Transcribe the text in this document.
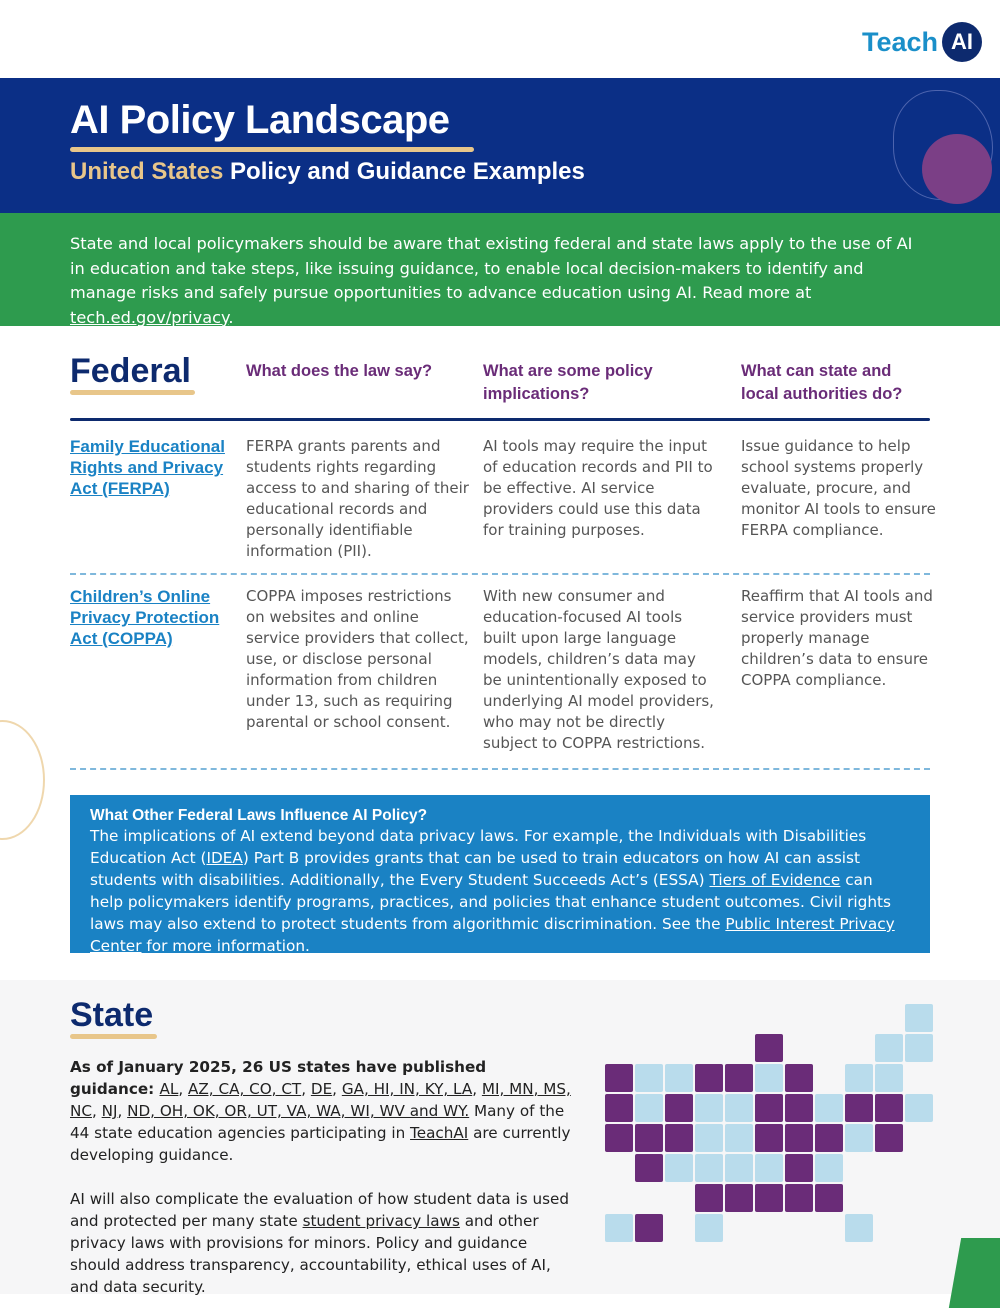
Teach AI
AI Policy Landscape
United States Policy and Guidance Examples
State and local policymakers should be aware that existing federal and state laws apply to the use of AI in education and take steps, like issuing guidance, to enable local decision-makers to identify and manage risks and safely pursue opportunities to advance education using AI. Read more at tech.ed.gov/privacy.
Federal	What does the law say?	What are some policy implications?
What can state and local authorities do?
Family Educational Rights and Privacy Act (FERPA)
FERPA grants parents and students rights regarding access to and sharing of their educational records and personally identifiable information (PII).
AI tools may require the input of education records and PII to be effective. AI service providers could use this data for training purposes.
Issue guidance to help school systems properly evaluate, procure, and monitor AI tools to ensure FERPA compliance.
Children’s Online Privacy Protection Act (COPPA)
COPPA imposes restrictions on websites and online service providers that collect, use, or disclose personal information from children under 13, such as requiring parental or school consent.
With new consumer and education-focused AI tools built upon large language models, children’s data may be unintentionally exposed to underlying AI model providers, who may not be directly subject to COPPA restrictions.
Reaffirm that AI tools and service providers must properly manage children’s data to ensure COPPA compliance.
What Other Federal Laws Influence AI Policy?
The implications of AI extend beyond data privacy laws. For example, the Individuals with Disabilities Education Act (IDEA) Part B provides grants that can be used to train educators on how AI can assist students with disabilities. Additionally, the Every Student Succeeds Act’s (ESSA) Tiers of Evidence can help policymakers identify programs, practices, and policies that enhance student outcomes. Civil rights laws may also extend to protect students from algorithmic discrimination. See the Public Interest Privacy Center for more information.
State
As of January 2025, 26 US states have published guidance: AL, AZ, CA, CO, CT, DE, GA, HI, IN, KY, LA, MI, MN, MS, NC, NJ, ND, OH, OK, OR, UT, VA, WA, WI, WV and WY. Many of the 44 state education agencies participating in TeachAI are currently developing guidance.
AI will also complicate the evaluation of how student data is used and protected per many state student privacy laws and other privacy laws with provisions for minors. Policy and guidance should address transparency, accountability, ethical uses of AI, and data security.
